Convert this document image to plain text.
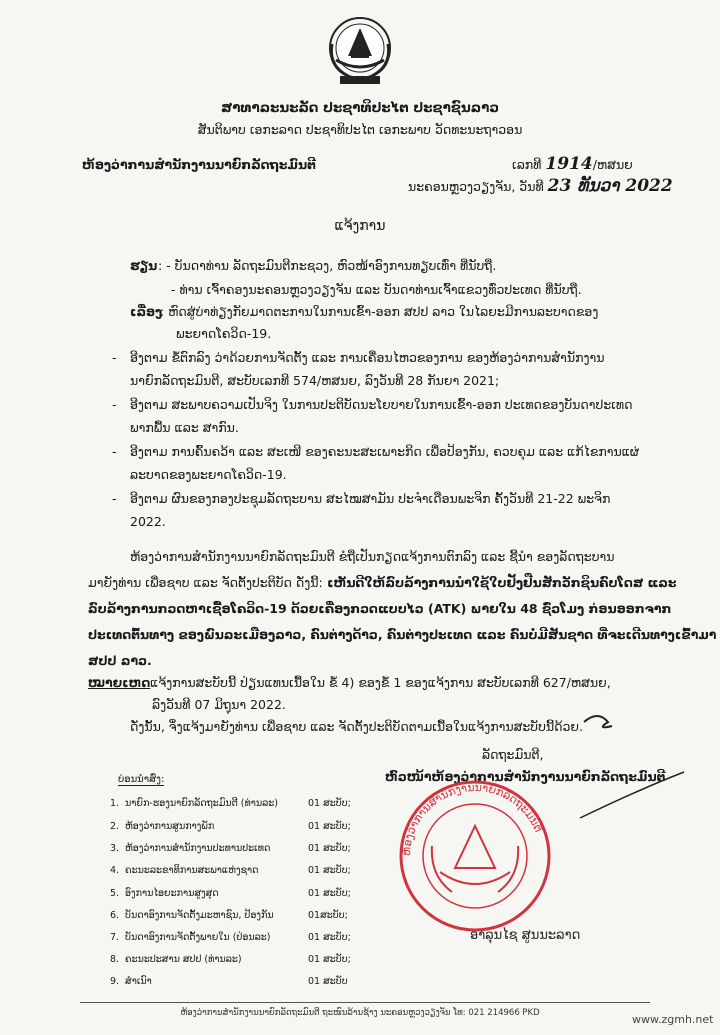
ສາທາລະນະລັດ ປະຊາທິປະໄຕ ປະຊາຊົນລາວ
ສັນຕິພາບ ເອກະລາດ ປະຊາທິປະໄຕ ເອກະພາບ ວັດທະນະຖາວອນ
ຫ້ອງວ່າການສຳນັກງານນາຍົກລັດຖະມົນຕີ	ເລກທີ 1914/ຫສນຍ
ນະຄອນຫຼວງວຽງຈັນ, ວັນທີ 23 ທັນວາ 2022
ແຈ້ງການ
ຮຽນ : - ບັນດາທ່ານ ລັດຖະມົນຕີກະຊວງ, ຫົວໜ້າອົງການທຽບເທົ່າ ທີ່ນັບຖື.
- ທ່ານ ເຈົ້າຄອງນະຄອນຫຼວງວຽງຈັນ ແລະ ບັນດາທ່ານເຈົ້າແຂວງທົ່ວປະເທດ ທີ່ນັບຖື.
ເລື່ອງ
: ຫົດສູ່ບ່າທ່ຽງກັຍມາດຕະການໃນການເຂົ້າ-ອອກ ສປປ ລາວ ໃນໄລຍະມີການລະບາດຂອງ
ພະຍາດໂຄວິດ-19.
- ອີງຕາມ ຂໍ້ຕົກລົງ ວ່າດ້ວຍການຈັດຕັ້ງ ແລະ ການເຄື່ອນໄຫວຂອງການ ຂອງຫ້ອງວ່າການສຳນັກງານ
ນາຍົກລັດຖະມົນຕີ, ສະບັບເລກທີ 574/ຫສນຍ, ລົງວັນທີ 28 ກັນຍາ 2021;
- ອີງຕາມ ສະພາບຄວາມເປັນຈິງ ໃນການປະຕິບັດນະໂຍບາຍໃນການເຂົ້າ-ອອກ ປະເທດຂອງບັນດາປະເທດ
ພາກພື້ນ ແລະ ສາກົນ.
- ອີງຕາມ ການຄົ້ນຄວ້າ ແລະ ສະເໜີ ຂອງຄະນະສະເພາະກິດ ເພື່ອປ້ອງກັນ, ຄວບຄຸມ ແລະ ແກ້ໄຂການແຜ່
ລະບາດຂອງພະຍາດໂຄວິດ-19.
- ອີງຕາມ ຜົນຂອງກອງປະຊຸມລັດຖະບານ ສະໄໝສາມັນ ປະຈຳເດືອນພະຈິກ ຄັ້ງວັນທີ 21-22 ພະຈິກ
2022.
ຫ້ອງວ່າການສຳນັກງານນາຍົກລັດຖະມົນຕີ ຂໍຖືເປັນກຽດແຈ້ງການຕົກລົງ ແລະ ຊີ້ນຳ ຂອງລັດຖະບານ
ມາຍັງທ່ານ ເພື່ອຊາບ ແລະ ຈັດຕັ້ງປະຕິບັດ ດັ່ງນີ້: ເຫັນດີໃຫ້ລົບລ້າງການນຳໃຊ້ໃບຢັ້ງຢືນສັກວັກຊິນຄົບໂດສ ແລະ
ລົບລ້າງການກວດຫາເຊື້ອໂຄວິດ-19 ດ້ວຍເຄື່ອງກວດແບບໄວ (ATK) ພາຍໃນ 48 ຊົ່ວໂມງ ກ່ອນອອກຈາກ
ປະເທດຕົ້ນທາງ ຂອງພົນລະເມືອງລາວ, ຄົນຕ່າງດ້າວ, ຄົນຕ່າງປະເທດ ແລະ ຄົນບໍ່ມີສັນຊາດ ທີ່ຈະເດີນທາງເຂົ້າມາ
ສປປ ລາວ.
ໝາຍເຫດ
: ແຈ້ງການສະບັບນີ້ ປ່ຽນແທນເນື້ອໃນ ຂໍ້ 4) ຂອງຂໍ້ 1 ຂອງແຈ້ງການ ສະບັບເລກທີ 627/ຫສນຍ,
ລົງວັນທີ 07 ມິຖຸນາ 2022.
ດັ່ງນັ້ນ, ຈຶ່ງແຈ້ງມາຍັງທ່ານ ເພື່ອຊາບ ແລະ ຈັດຕັ້ງປະຕິບັດຕາມເນື້ອໃນແຈ້ງການສະບັບນີ້ດ້ວຍ.
ລັດຖະມົນຕີ,
ຫົວໜ້າຫ້ອງວ່າການສຳນັກງານນາຍົກລັດຖະມົນຕີ
ຫ້ອງວ່າການສຳນັກງານນາຍົກລັດຖະມົນຕີ
ອາລຸນໄຊ ສູນນະລາດ
ບ່ອນນຳສົ່ງ:
1. ນາຍົກ-ຮອງນາຍົກລັດຖະມົນຕີ (ທ່ານລະ)	01 ສະບັບ;
2. ຫ້ອງວ່າການສູນກາງພັກ	01 ສະບັບ;
3. ຫ້ອງວ່າການສຳນັກງານປະທານປະເທດ	01 ສະບັບ;
4. ຄະນະລະຂາທິການສະພາແຫ່ງຊາດ	01 ສະບັບ;
5. ອົງການໄອຍະການສູງສຸດ	01 ສະບັບ;
6. ບັນດາອົງການຈັດຕັ້ງມະຫາຊົນ, ປ້ອງກັນ	01ສະບັບ;
7. ບັນດາອົງການຈັດຕັ້ງພາຍໃນ (ປ່ອນລະ)	01 ສະບັບ;
8. ຄະນະປະສານ ສປປ (ທ່ານລະ)	01 ສະບັບ;
9. ສຳເນົາ	01 ສະບັບ
ຫ້ອງວ່າການສຳນັກງານນາຍົກລັດຖະມົນຕີ ຖະໜົນລ້ານຊ້າງ ນະຄອນຫຼວງວຽງຈັນ ໂທ: 021 214966 PKD	www.zgmh.net
